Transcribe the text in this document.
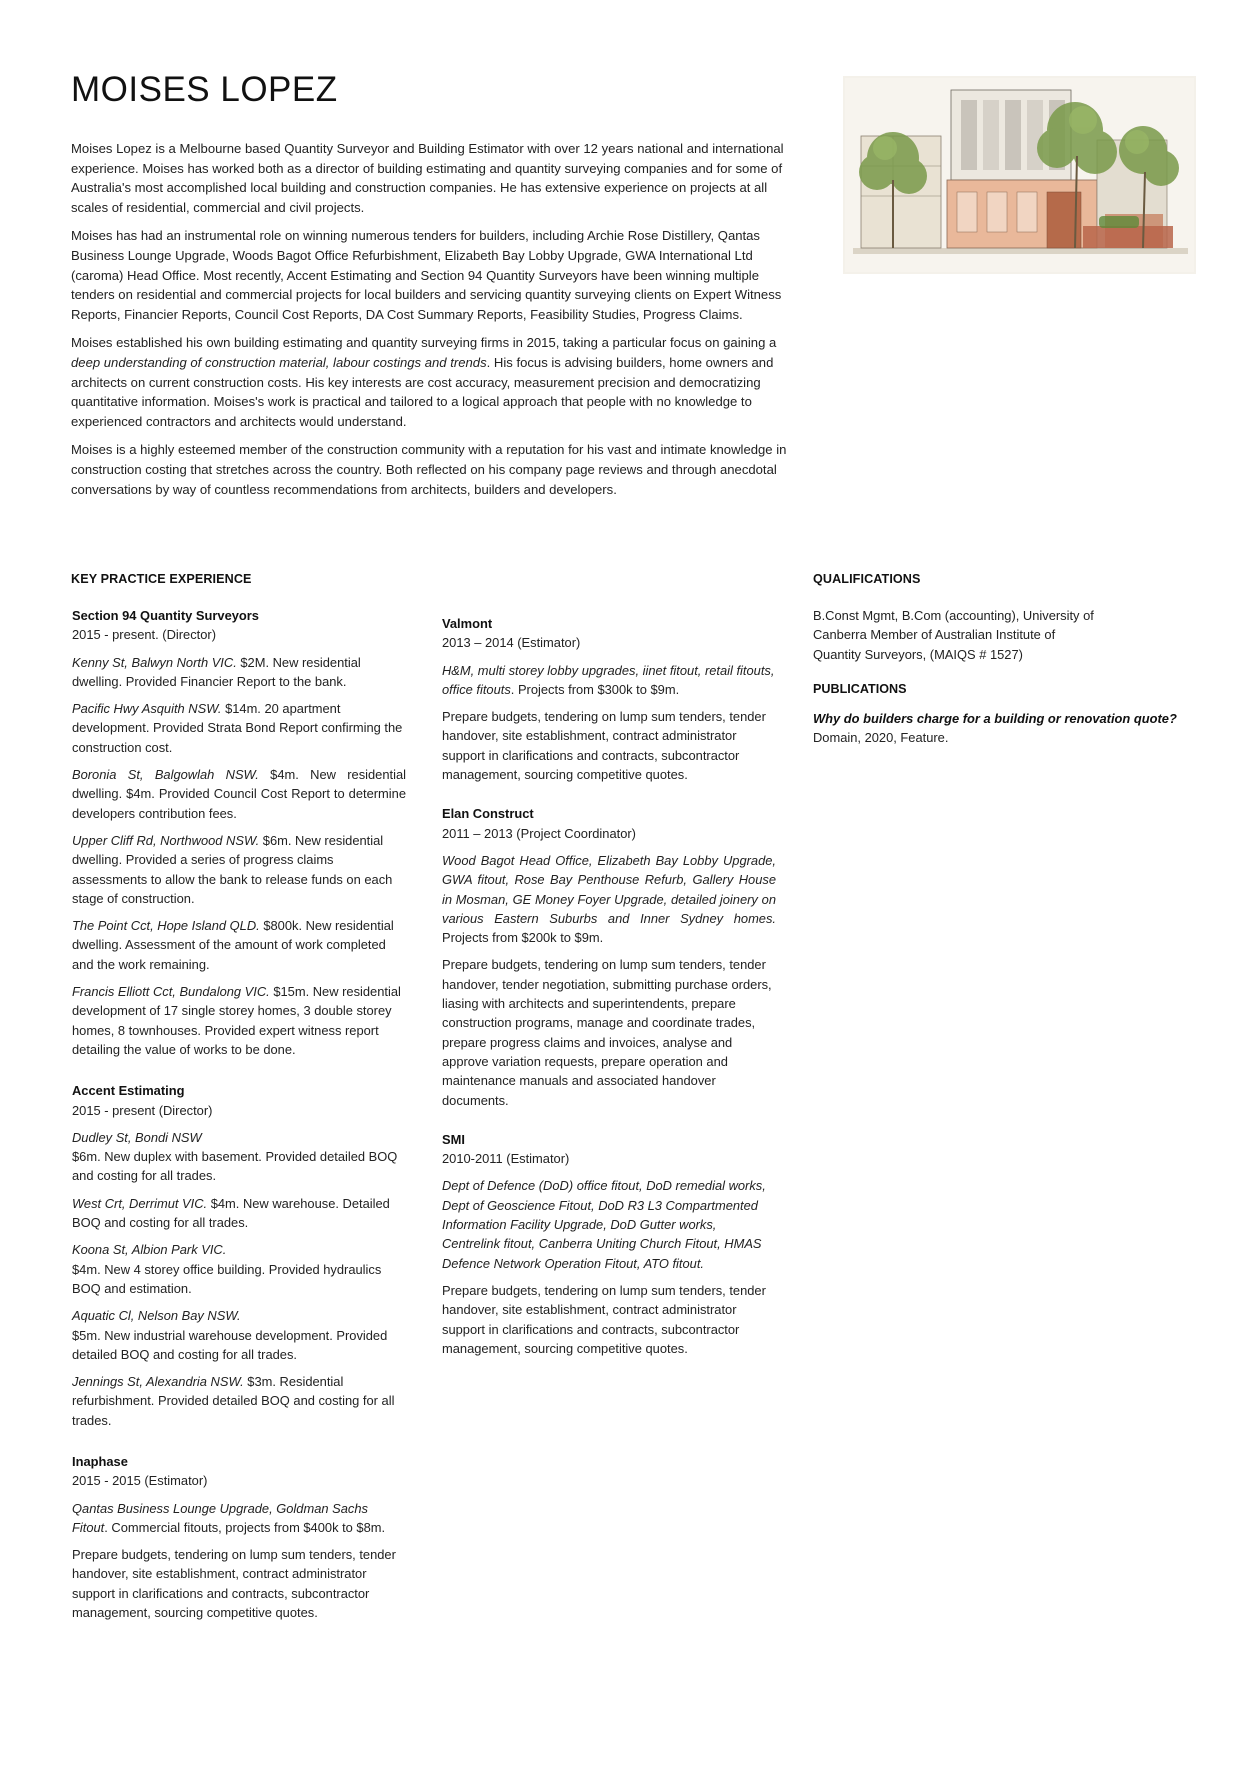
MOISES LOPEZ

Moises Lopez is a Melbourne based Quantity Surveyor and Building Estimator with over 12 years national and international experience. Moises has worked both as a director of building estimating and quantity surveying companies and for some of Australia's most accomplished local building and construction companies. He has extensive experience on projects at all scales of residential, commercial and civil projects.

Moises has had an instrumental role on winning numerous tenders for builders, including Archie Rose Distillery, Qantas Business Lounge Upgrade, Woods Bagot Office Refurbishment, Elizabeth Bay Lobby Upgrade, GWA International Ltd (caroma) Head Office. Most recently, Accent Estimating and Section 94 Quantity Surveyors have been winning multiple tenders on residential and commercial projects for local builders and servicing quantity surveying clients on Expert Witness Reports, Financier Reports, Council Cost Reports, DA Cost Summary Reports, Feasibility Studies, Progress Claims.

Moises established his own building estimating and quantity surveying firms in 2015, taking a particular focus on gaining a deep understanding of construction material, labour costings and trends. His focus is advising builders, home owners and architects on current construction costs. His key interests are cost accuracy, measurement precision and democratizing quantitative information. Moises's work is practical and tailored to a logical approach that people with no knowledge to experienced contractors and architects would understand.

Moises is a highly esteemed member of the construction community with a reputation for his vast and intimate knowledge in construction costing that stretches across the country. Both reflected on his company page reviews and through anecdotal conversations by way of countless recommendations from architects, builders and developers.

KEY PRACTICE EXPERIENCE	QUALIFICATIONS
Section 94 Quantity Surveyors
2015 - present. (Director)

Kenny St, Balwyn North VIC. $2M. New residential dwelling. Provided Financier Report to the bank.

Pacific Hwy Asquith NSW. $14m. 20 apartment development. Provided Strata Bond Report confirming the construction cost.

Boronia St, Balgowlah NSW. $4m. New residential dwelling. $4m. Provided Council Cost Report to determine developers contribution fees.

Upper Cliff Rd, Northwood NSW. $6m. New residential dwelling. Provided a series of progress claims assessments to allow the bank to release funds on each stage of construction.

The Point Cct, Hope Island QLD. $800k. New residential dwelling. Assessment of the amount of work completed and the work remaining.

Francis Elliott Cct, Bundalong VIC. $15m. New residential development of 17 single storey homes, 3 double storey homes, 8 townhouses. Provided expert witness report detailing the value of works to be done.

Accent Estimating
2015 - present (Director)

Dudley St, Bondi NSW
$6m. New duplex with basement. Provided detailed BOQ and costing for all trades.

West Crt, Derrimut VIC. $4m. New warehouse. Detailed BOQ and costing for all trades.

Koona St, Albion Park VIC.
$4m. New 4 storey office building. Provided hydraulics BOQ and estimation.

Aquatic Cl, Nelson Bay NSW.
$5m. New industrial warehouse development. Provided detailed BOQ and costing for all trades.

Jennings St, Alexandria NSW. $3m. Residential refurbishment. Provided detailed BOQ and costing for all trades.

Inaphase
2015 - 2015 (Estimator)

Qantas Business Lounge Upgrade, Goldman Sachs Fitout. Commercial fitouts, projects from $400k to $8m.

Prepare budgets, tendering on lump sum tenders, tender handover, site establishment, contract administrator support in clarifications and contracts, subcontractor management, sourcing competitive quotes.

Valmont
2013 – 2014 (Estimator)

H&M, multi storey lobby upgrades, iinet fitout, retail fitouts, office fitouts. Projects from $300k to $9m.

Prepare budgets, tendering on lump sum tenders, tender handover, site establishment, contract administrator support in clarifications and contracts, subcontractor management, sourcing competitive quotes.

Elan Construct
2011 – 2013 (Project Coordinator)

Wood Bagot Head Office, Elizabeth Bay Lobby Upgrade, GWA fitout, Rose Bay Penthouse Refurb, Gallery House in Mosman, GE Money Foyer Upgrade, detailed joinery on various Eastern Suburbs and Inner Sydney homes. Projects from $200k to $9m.

Prepare budgets, tendering on lump sum tenders, tender handover, tender negotiation, submitting purchase orders, liasing with architects and superintendents, prepare construction programs, manage and coordinate trades, prepare progress claims and invoices, analyse and approve variation requests, prepare operation and maintenance manuals and associated handover documents.

SMI
2010-2011 (Estimator)

Dept of Defence (DoD) office fitout, DoD remedial works, Dept of Geoscience Fitout, DoD R3 L3 Compartmented Information Facility Upgrade, DoD Gutter works, Centrelink fitout, Canberra Uniting Church Fitout, HMAS Defence Network Operation Fitout, ATO fitout.

Prepare budgets, tendering on lump sum tenders, tender handover, site establishment, contract administrator support in clarifications and contracts, subcontractor management, sourcing competitive quotes.

B.Const Mgmt, B.Com (accounting), University of Canberra Member of Australian Institute of Quantity Surveyors, (MAIQS # 1527)

PUBLICATIONS
Why do builders charge for a building or renovation quote?
Domain, 2020, Feature.
